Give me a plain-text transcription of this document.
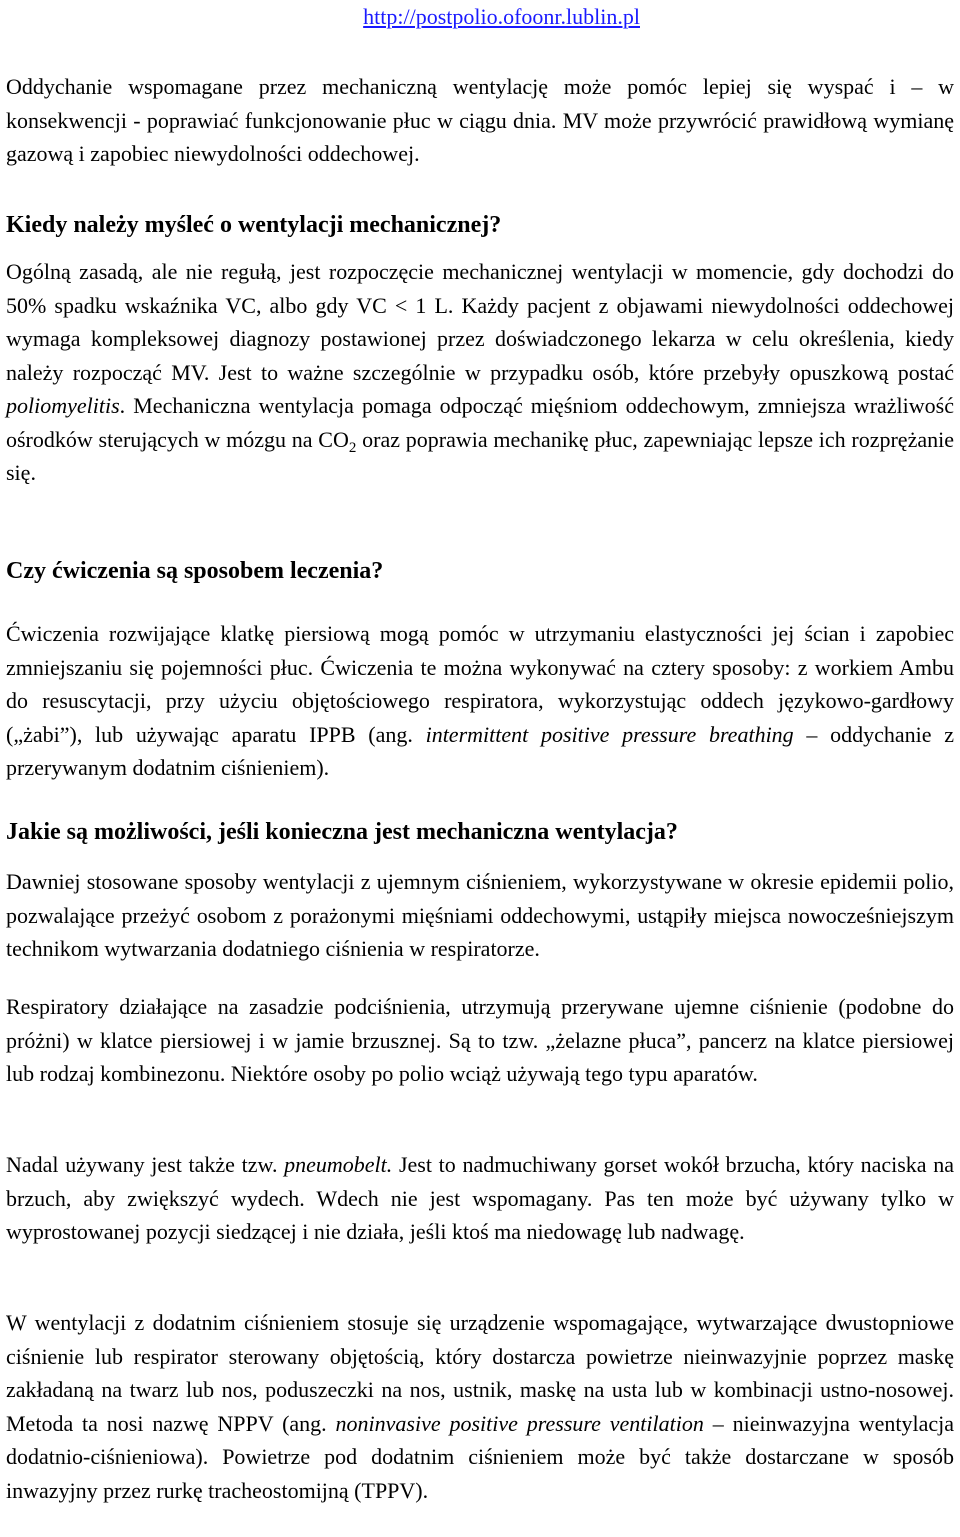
http://postpolio.ofoonr.lublin.pl

Oddychanie wspomagane przez mechaniczną wentylację może pomóc lepiej się wyspać i – w konsekwencji - poprawiać funkcjonowanie płuc w ciągu dnia. MV może przywrócić prawidłową wymianę gazową i zapobiec niewydolności oddechowej.

Kiedy należy myśleć o wentylacji mechanicznej?

Ogólną zasadą, ale nie regułą, jest rozpoczęcie mechanicznej wentylacji w momencie, gdy dochodzi do 50% spadku wskaźnika VC, albo gdy VC < 1 L. Każdy pacjent z objawami niewydolności oddechowej wymaga kompleksowej diagnozy postawionej przez doświadczonego lekarza w celu określenia, kiedy należy rozpocząć MV. Jest to ważne szczególnie w przypadku osób, które przebyły opuszkową postać poliomyelitis. Mechaniczna wentylacja pomaga odpocząć mięśniom oddechowym, zmniejsza wrażliwość ośrodków sterujących w mózgu na $CO_2$ oraz poprawia mechanikę płuc, zapewniając lepsze ich rozprężanie się.

Czy ćwiczenia są sposobem leczenia?

Ćwiczenia rozwijające klatkę piersiową mogą pomóc w utrzymaniu elastyczności jej ścian i zapobiec zmniejszaniu się pojemności płuc. Ćwiczenia te można wykonywać na cztery sposoby: z workiem Ambu do resuscytacji, przy użyciu objętościowego respiratora, wykorzystując oddech językowo-gardłowy („żabi”), lub używając aparatu IPPB (ang. intermittent positive pressure breathing – oddychanie z przerywanym dodatnim ciśnieniem).

Jakie są możliwości, jeśli konieczna jest mechaniczna wentylacja?

Dawniej stosowane sposoby wentylacji z ujemnym ciśnieniem, wykorzystywane w okresie epidemii polio, pozwalające przeżyć osobom z porażonymi mięśniami oddechowymi, ustąpiły miejsca nowocześniejszym technikom wytwarzania dodatniego ciśnienia w respiratorze.

Respiratory działające na zasadzie podciśnienia, utrzymują przerywane ujemne ciśnienie (podobne do próżni) w klatce piersiowej i w jamie brzusznej. Są to tzw. „żelazne płuca”, pancerz na klatce piersiowej lub rodzaj kombinezonu. Niektóre osoby po polio wciąż używają tego typu aparatów.

Nadal używany jest także tzw. pneumobelt. Jest to nadmuchiwany gorset wokół brzucha, który naciska na brzuch, aby zwiększyć wydech. Wdech nie jest wspomagany. Pas ten może być używany tylko w wyprostowanej pozycji siedzącej i nie działa, jeśli ktoś ma niedowagę lub nadwagę.

W wentylacji z dodatnim ciśnieniem stosuje się urządzenie wspomagające, wytwarzające dwustopniowe ciśnienie lub respirator sterowany objętością, który dostarcza powietrze nieinwazyjnie poprzez maskę zakładaną na twarz lub nos, poduszeczki na nos, ustnik, maskę na usta lub w kombinacji ustno-nosowej. Metoda ta nosi nazwę NPPV (ang. noninvasive positive pressure ventilation – nieinwazyjna wentylacja dodatnio-ciśnieniowa). Powietrze pod dodatnim ciśnieniem może być także dostarczane w sposób inwazyjny przez rurkę tracheostomijną (TPPV).
